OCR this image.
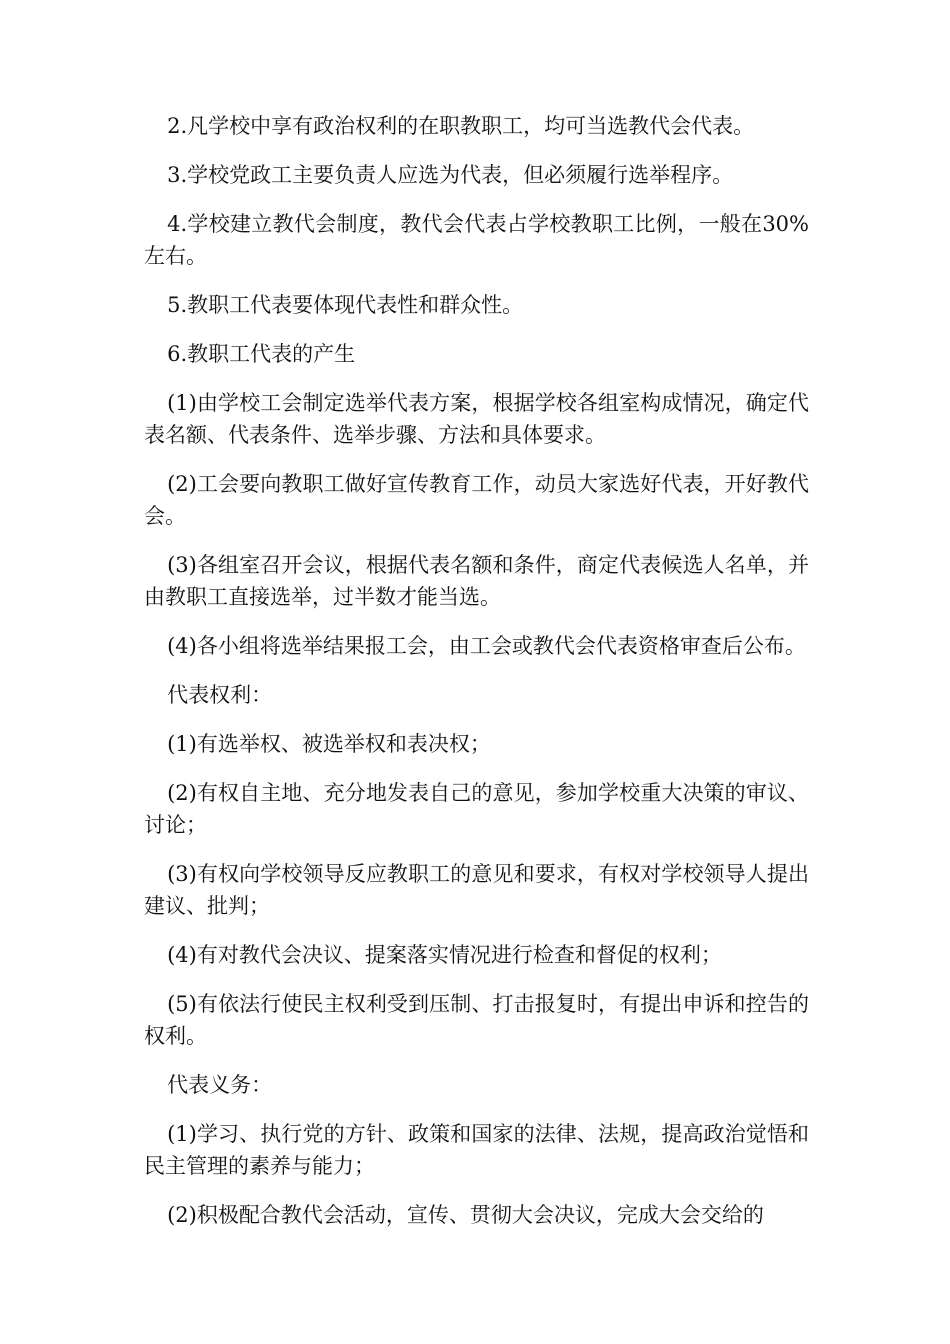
2.凡学校中享有政治权利的在职教职工，均可当选教代会代表。

3.学校党政工主要负责人应选为代表，但必须履行选举程序。

4.学校建立教代会制度，教代会代表占学校教职工比例，一般在30%左右。

5.教职工代表要体现代表性和群众性。

6.教职工代表的产生

(1)由学校工会制定选举代表方案，根据学校各组室构成情况，确定代表名额、代表条件、选举步骤、方法和具体要求。

(2)工会要向教职工做好宣传教育工作，动员大家选好代表，开好教代会。

(3)各组室召开会议，根据代表名额和条件，商定代表候选人名单，并由教职工直接选举，过半数才能当选。

(4)各小组将选举结果报工会，由工会或教代会代表资格审查后公布。

代表权利：

(1)有选举权、被选举权和表决权；

(2)有权自主地、充分地发表自己的意见，参加学校重大决策的审议、讨论；

(3)有权向学校领导反应教职工的意见和要求，有权对学校领导人提出建议、批判；

(4)有对教代会决议、提案落实情况进行检查和督促的权利；

(5)有依法行使民主权利受到压制、打击报复时，有提出申诉和控告的权利。

代表义务：

(1)学习、执行党的方针、政策和国家的法律、法规，提高政治觉悟和民主管理的素养与能力；

(2)积极配合教代会活动，宣传、贯彻大会决议，完成大会交给的
